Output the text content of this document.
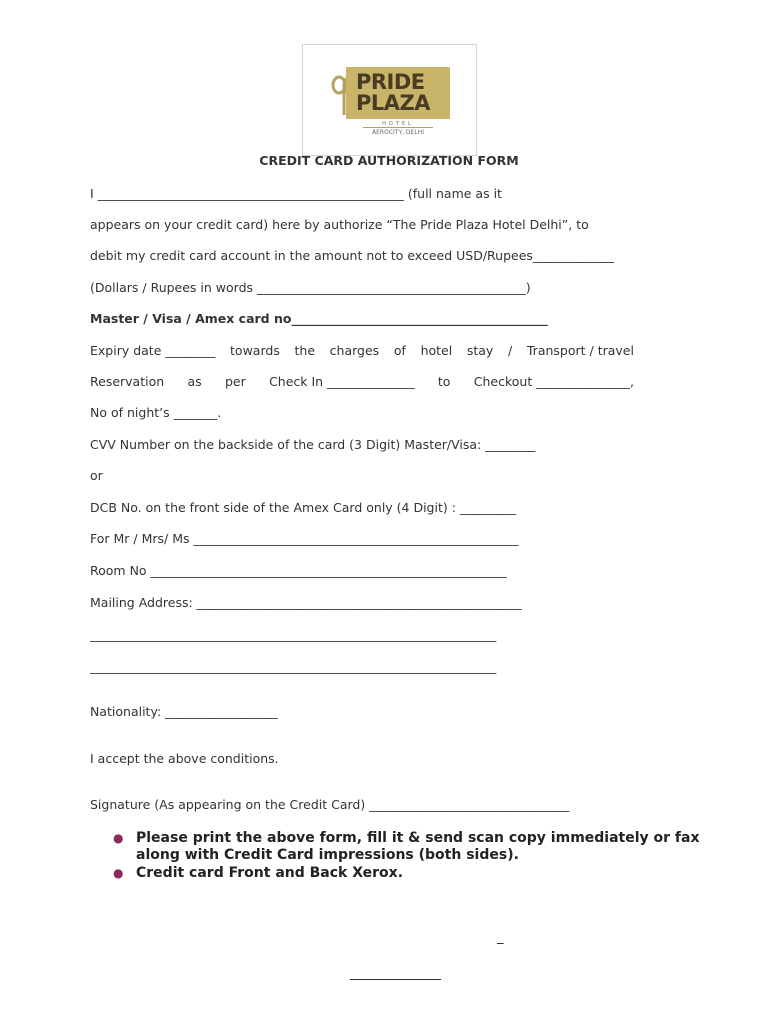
PRIDE
PLAZA
HOTEL
AEROCITY, DELHI
CREDIT CARD AUTHORIZATION FORM
I _________________________________________________ (full name as it
appears on your credit card) here by authorize “The Pride Plaza Hotel Delhi”, to
debit my credit card account in the amount not to exceed USD/Rupees_____________
(Dollars / Rupees in words ___________________________________________)
Master / Visa / Amex card no_________________________________________
Expiry date ________ towards the charges of hotel stay / Transport / travel
Reservation as per Check In ______________ to Checkout _______________,
No of night’s _______.
CVV Number on the backside of the card (3 Digit) Master/Visa: ________
or
DCB No. on the front side of the Amex Card only (4 Digit) : _________
For Mr / Mrs/ Ms ____________________________________________________
Room No _________________________________________________________
Mailing Address: ____________________________________________________
_________________________________________________________________
_________________________________________________________________
Nationality: __________________
I accept the above conditions.
Signature (As appearing on the Credit Card) ________________________________
● Please print the above form, fill it & send scan copy immediately or fax along with Credit Card impressions (both sides).
● Credit card Front and Back Xerox.
_
______________
